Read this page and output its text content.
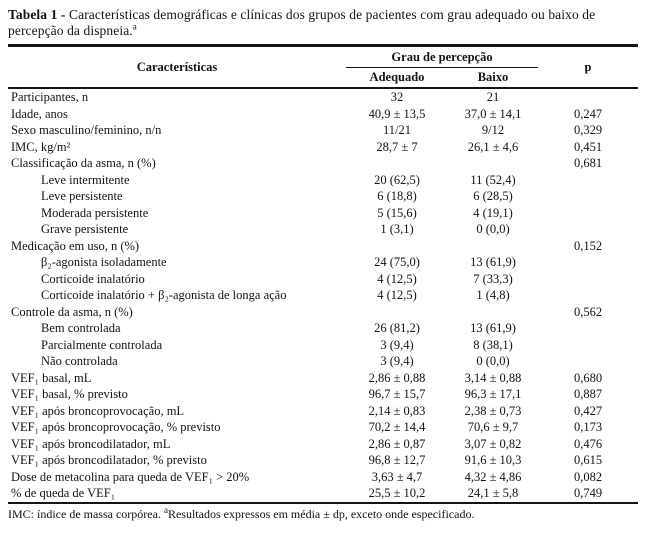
Tabela 1 - Características demográficas e clínicas dos grupos de pacientes com grau adequado ou baixo de percepção da dispneia.$^a$

Características	Grau de percepção		p
	Adequado	Baixo	
Participantes, n	32	21	
Idade, anos	40,9 ± 13,5	37,0 ± 14,1	0,247
Sexo masculino/feminino, n/n	11/21	9/12	0,329
IMC, kg/m²	28,7 ± 7	26,1 ± 4,6	0,451
Classificação da asma, n (%)			0,681
Leve intermitente	20 (62,5)	11 (52,4)	
Leve persistente	6 (18,8)	6 (28,5)	
Moderada persistente	5 (15,6)	4 (19,1)	
Grave persistente	1 (3,1)	0 (0,0)	
Medicação em uso, n (%)			0,152
β₂-agonista isoladamente	24 (75,0)	13 (61,9)	
Corticoide inalatório	4 (12,5)	7 (33,3)	
Corticoide inalatório + β₂-agonista de longa ação	4 (12,5)	1 (4,8)	
Controle da asma, n (%)			0,562
Bem controlada	26 (81,2)	13 (61,9)	
Parcialmente controlada	3 (9,4)	8 (38,1)	
Não controlada	3 (9,4)	0 (0,0)	
VEF₁ basal, mL	2,86 ± 0,88	3,14 ± 0,88	0,680
VEF₁ basal, % previsto	96,7 ± 15,7	96,3 ± 17,1	0,887
VEF₁ após broncoprovocação, mL	2,14 ± 0,83	2,38 ± 0,73	0,427
VEF₁ após broncoprovocação, % previsto	70,2 ± 14,4	70,6 ± 9,7	0,173
VEF₁ após broncodilatador, mL	2,86 ± 0,87	3,07 ± 0,82	0,476
VEF₁ após broncodilatador, % previsto	96,8 ± 12,7	91,6 ± 10,3	0,615
Dose de metacolina para queda de VEF₁ > 20%	3,63 ± 4,7	4,32 ± 4,86	0,082
% de queda de VEF₁	25,5 ± 10,2	24,1 ± 5,8	0,749

IMC: índice de massa corpórea. $^a$Resultados expressos em média ± dp, exceto onde especificado.
